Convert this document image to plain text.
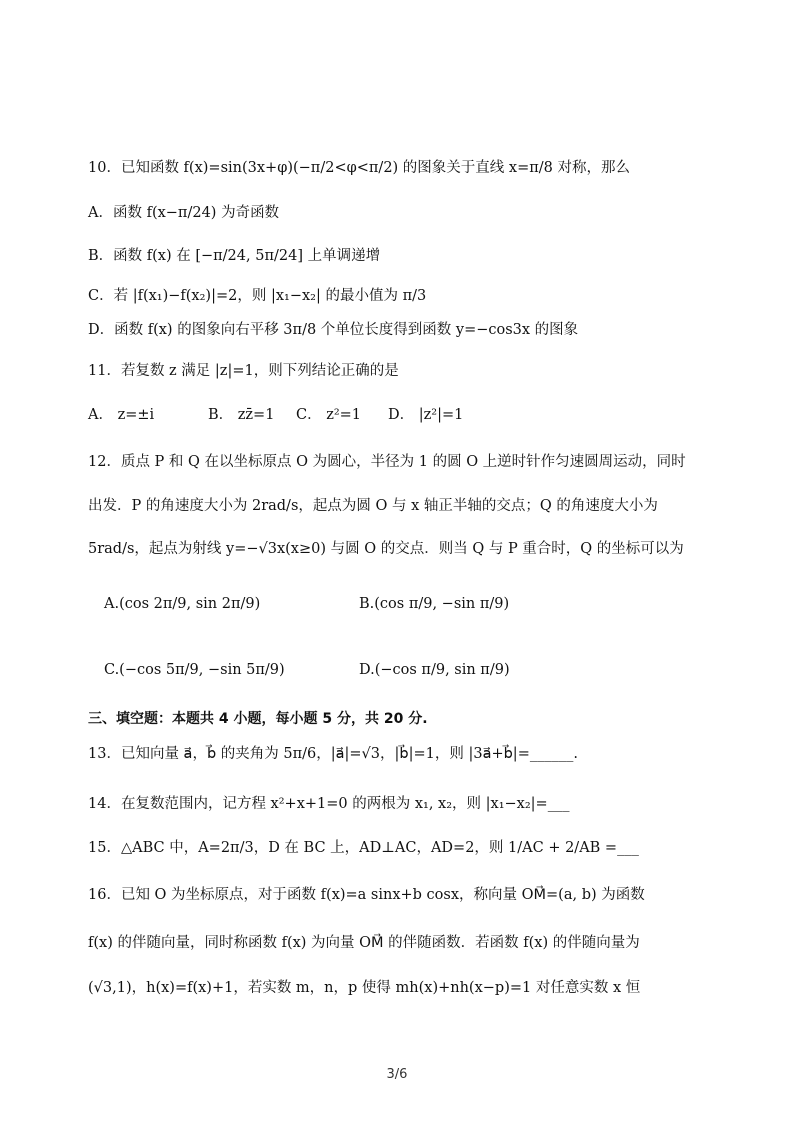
10．已知函数 f(x)=sin(3x+φ)(−π/2<φ<π/2) 的图象关于直线 x=π/8 对称，那么
A．函数 f(x−π/24) 为奇函数
B．函数 f(x) 在 [−π/24, 5π/24] 上单调递增
C．若 |f(x₁)−f(x₂)|=2，则 |x₁−x₂| 的最小值为 π/3
D．函数 f(x) 的图象向右平移 3π/8 个单位长度得到函数 y=−cos3x 的图象
11．若复数 z 满足 |z|=1，则下列结论正确的是
A． z=±i	B． zz̄=1 C． z²=1 D． |z²|=1
12．质点 P 和 Q 在以坐标原点 O 为圆心，半径为 1 的圆 O 上逆时针作匀速圆周运动，同时
出发．P 的角速度大小为 2rad/s，起点为圆 O 与 x 轴正半轴的交点；Q 的角速度大小为
5rad/s，起点为射线 y=−√3x(x≥0) 与圆 O 的交点．则当 Q 与 P 重合时，Q 的坐标可以为
A.(cos 2π/9, sin 2π/9)	B.(cos π/9, −sin π/9)
C.(−cos 5π/9, −sin 5π/9)	D.(−cos π/9, sin π/9)
三、填空题：本题共 4 小题，每小题 5 分，共 20 分.
13．已知向量 a⃗，b⃗ 的夹角为 5π/6，|a⃗|=√3，|b⃗|=1，则 |3a⃗+b⃗|=______.
14．在复数范围内，记方程 x²+x+1=0 的两根为 x₁, x₂，则 |x₁−x₂|=___
15．△ABC 中，A=2π/3，D 在 BC 上，AD⊥AC，AD=2，则 1/AC + 2/AB =___
16．已知 O 为坐标原点，对于函数 f(x)=a sinx+b cosx，称向量 OM⃗=(a, b) 为函数
f(x) 的伴随向量，同时称函数 f(x) 为向量 OM⃗ 的伴随函数．若函数 f(x) 的伴随向量为
(√3,1)，h(x)=f(x)+1，若实数 m，n，p 使得 mh(x)+nh(x−p)=1 对任意实数 x 恒
3/6
